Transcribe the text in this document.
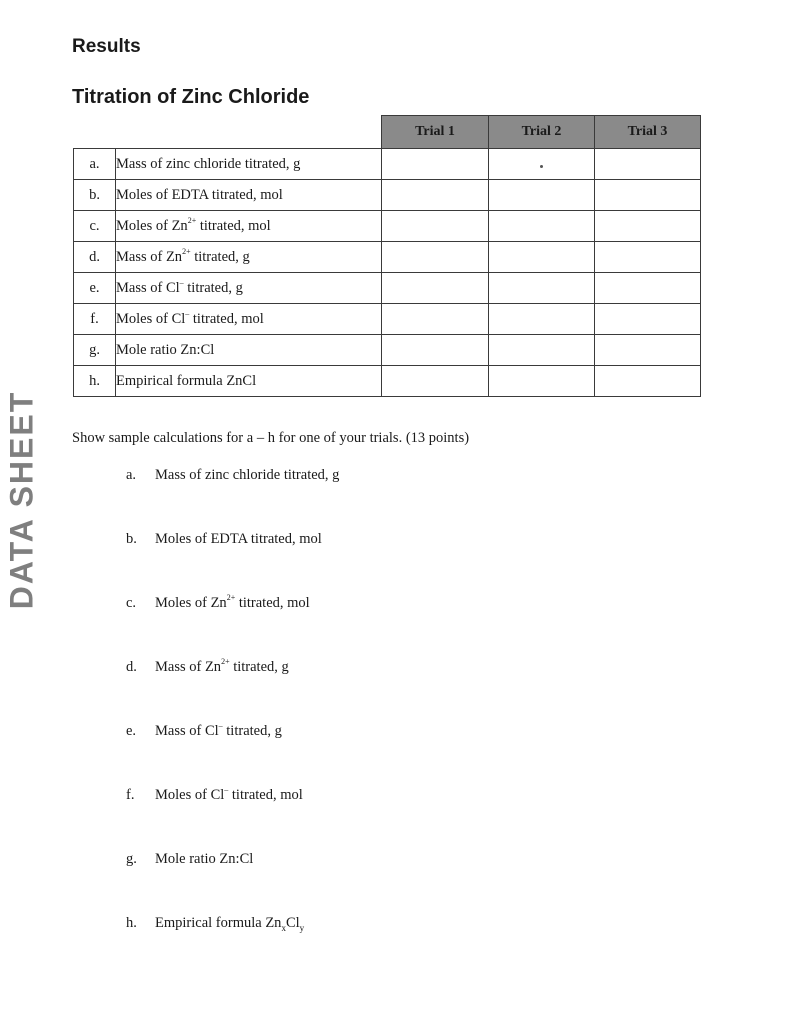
Results
Titration of Zinc Chloride
DATA SHEET
		Trial 1	Trial 2	Trial 3
a.	Mass of zinc chloride titrated, g			
b.	Moles of EDTA titrated, mol			
c.	Moles of $Zn^{2+}$ titrated, mol			
d.	Mass of $Zn^{2+}$ titrated, g			
e.	Mass of Cl– titrated, g			
f.	Moles of Cl– titrated, mol			
g.	Mole ratio Zn:Cl			
h.	Empirical formula ZnCl			

Show sample calculations for a – h for one of your trials. (13 points)

a.	Mass of zinc chloride titrated, g
b.	Moles of EDTA titrated, mol
c.	Moles of $Zn^{2+}$ titrated, mol
d.	Mass of $Zn^{2+}$ titrated, g
e.	Mass of Cl– titrated, g
f.	Moles of Cl– titrated, mol
g.	Mole ratio Zn:Cl
h.	Empirical formula $Zn_xCl_y$
